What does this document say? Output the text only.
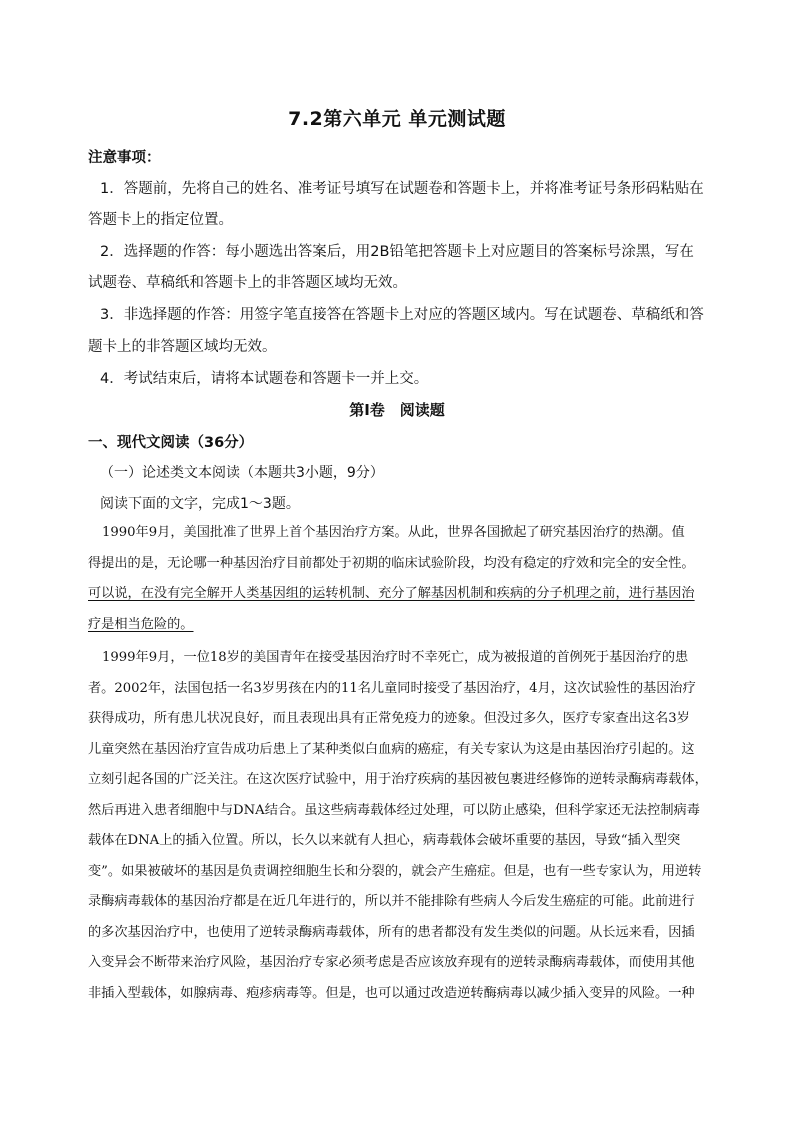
7.2第六单元 单元测试题
注意事项：
1．答题前，先将自己的姓名、准考证号填写在试题卷和答题卡上，并将准考证号条形码粘贴在
答题卡上的指定位置。
2．选择题的作答：每小题选出答案后，用2B铅笔把答题卡上对应题目的答案标号涂黑，写在
试题卷、草稿纸和答题卡上的非答题区域均无效。
3．非选择题的作答：用签字笔直接答在答题卡上对应的答题区域内。写在试题卷、草稿纸和答
题卡上的非答题区域均无效。
4．考试结束后，请将本试题卷和答题卡一并上交。
第Ⅰ卷　阅读题
一、现代文阅读（36分）
（一）论述类文本阅读（本题共3小题，9分）
阅读下面的文字，完成1～3题。
1990年9月，美国批准了世界上首个基因治疗方案。从此，世界各国掀起了研究基因治疗的热潮。值
得提出的是，无论哪一种基因治疗目前都处于初期的临床试验阶段，均没有稳定的疗效和完全的安全性。
可以说，在没有完全解开人类基因组的运转机制、充分了解基因机制和疾病的分子机理之前，进行基因治
疗是相当危险的。
1999年9月，一位18岁的美国青年在接受基因治疗时不幸死亡，成为被报道的首例死于基因治疗的患
者。2002年，法国包括一名3岁男孩在内的11名儿童同时接受了基因治疗，4月，这次试验性的基因治疗
获得成功，所有患儿状况良好，而且表现出具有正常免疫力的迹象。但没过多久，医疗专家查出这名3岁
儿童突然在基因治疗宣告成功后患上了某种类似白血病的癌症，有关专家认为这是由基因治疗引起的。这
立刻引起各国的广泛关注。在这次医疗试验中，用于治疗疾病的基因被包裹进经修饰的逆转录酶病毒载体，
然后再进入患者细胞中与DNA结合。虽这些病毒载体经过处理，可以防止感染，但科学家还无法控制病毒
载体在DNA上的插入位置。所以，长久以来就有人担心，病毒载体会破坏重要的基因，导致“插入型突
变”。如果被破坏的基因是负责调控细胞生长和分裂的，就会产生癌症。但是，也有一些专家认为，用逆转
录酶病毒载体的基因治疗都是在近几年进行的，所以并不能排除有些病人今后发生癌症的可能。此前进行
的多次基因治疗中，也使用了逆转录酶病毒载体，所有的患者都没有发生类似的问题。从长远来看，因插
入变异会不断带来治疗风险，基因治疗专家必须考虑是否应该放弃现有的逆转录酶病毒载体，而使用其他
非插入型载体，如腺病毒、疱疹病毒等。但是，也可以通过改造逆转酶病毒以减少插入变异的风险。一种
